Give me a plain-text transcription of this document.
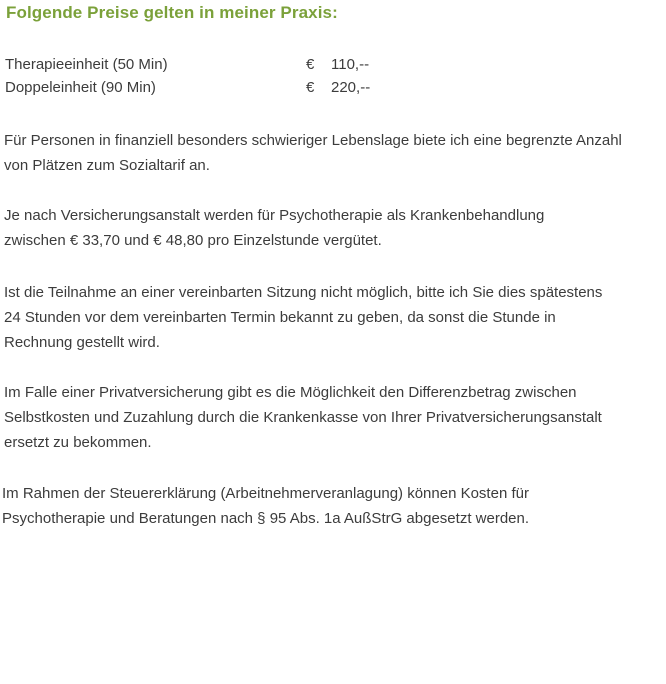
Folgende Preise gelten in meiner Praxis:
Therapieeinheit (50 Min)	€ 110,--
Doppeleinheit (90 Min)	€ 220,--
Für Personen in finanziell besonders schwieriger Lebenslage biete ich eine begrenzte Anzahl
von Plätzen zum Sozialtarif an.
Je nach Versicherungsanstalt werden für Psychotherapie als Krankenbehandlung
zwischen € 33,70 und € 48,80 pro Einzelstunde vergütet.
Ist die Teilnahme an einer vereinbarten Sitzung nicht möglich, bitte ich Sie dies spätestens
24 Stunden vor dem vereinbarten Termin bekannt zu geben, da sonst die Stunde in
Rechnung gestellt wird.
Im Falle einer Privatversicherung gibt es die Möglichkeit den Differenzbetrag zwischen
Selbstkosten und Zuzahlung durch die Krankenkasse von Ihrer Privatversicherungsanstalt
ersetzt zu bekommen.
Im Rahmen der Steuererklärung (Arbeitnehmerveranlagung) können Kosten für
Psychotherapie und Beratungen nach § 95 Abs. 1a AußStrG abgesetzt werden.
